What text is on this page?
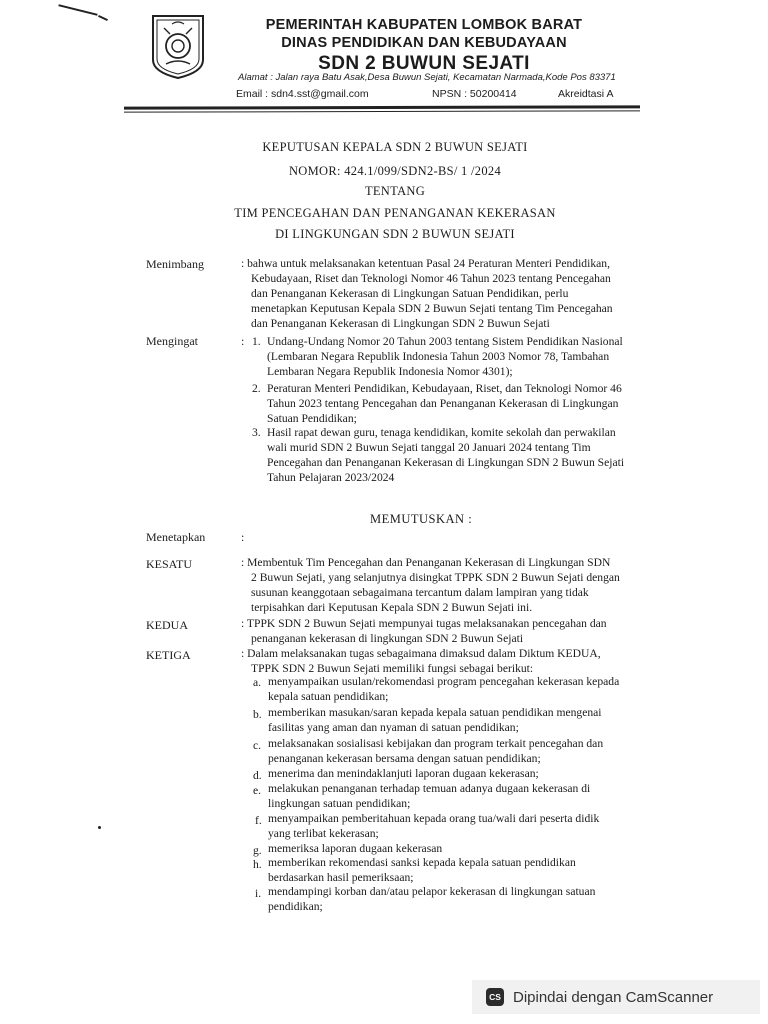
PEMERINTAH KABUPATEN LOMBOK BARAT
DINAS PENDIDIKAN DAN KEBUDAYAAN
SDN 2 BUWUN SEJATI
Alamat : Jalan raya Batu Asak,Desa Buwun Sejati, Kecamatan Narmada,Kode Pos 83371
Email : sdn4.sst@gmail.com	NPSN : 50200414	Akreidtasi A
KEPUTUSAN KEPALA SDN 2 BUWUN SEJATI
NOMOR: 424.1/099/SDN2-BS/ 1 /2024
TENTANG
TIM PENCEGAHAN DAN PENANGANAN KEKERASAN
DI LINGKUNGAN SDN 2 BUWUN SEJATI
Menimbang	: bahwa untuk melaksanakan ketentuan Pasal 24 Peraturan Menteri Pendidikan,
Kebudayaan, Riset dan Teknologi Nomor 46 Tahun 2023 tentang Pencegahan
dan Penanganan Kekerasan di Lingkungan Satuan Pendidikan, perlu
menetapkan Keputusan Kepala SDN 2 Buwun Sejati tentang Tim Pencegahan
dan Penanganan Kekerasan di Lingkungan SDN 2 Buwun Sejati
Mengingat	: 1. Undang-Undang Nomor 20 Tahun 2003 tentang Sistem Pendidikan Nasional
(Lembaran Negara Republik Indonesia Tahun 2003 Nomor 78, Tambahan
Lembaran Negara Republik Indonesia Nomor 4301);
2. Peraturan Menteri Pendidikan, Kebudayaan, Riset, dan Teknologi Nomor 46
Tahun 2023 tentang Pencegahan dan Penanganan Kekerasan di Lingkungan
Satuan Pendidikan;
3. Hasil rapat dewan guru, tenaga kendidikan, komite sekolah dan perwakilan
wali murid SDN 2 Buwun Sejati tanggal 20 Januari 2024 tentang Tim
Pencegahan dan Penanganan Kekerasan di Lingkungan SDN 2 Buwun Sejati
Tahun Pelajaran 2023/2024
MEMUTUSKAN :
Menetapkan	:
KESATU	: Membentuk Tim Pencegahan dan Penanganan Kekerasan di Lingkungan SDN
2 Buwun Sejati, yang selanjutnya disingkat TPPK SDN 2 Buwun Sejati dengan
susunan keanggotaan sebagaimana tercantum dalam lampiran yang tidak
terpisahkan dari Keputusan Kepala SDN 2 Buwun Sejati ini.
KEDUA	: TPPK SDN 2 Buwun Sejati mempunyai tugas melaksanakan pencegahan dan
penanganan kekerasan di lingkungan SDN 2 Buwun Sejati
KETIGA	: Dalam melaksanakan tugas sebagaimana dimaksud dalam Diktum KEDUA,
TPPK SDN 2 Buwun Sejati memiliki fungsi sebagai berikut:
a. menyampaikan usulan/rekomendasi program pencegahan kekerasan kepada
kepala satuan pendidikan;
b. memberikan masukan/saran kepada kepala satuan pendidikan mengenai
fasilitas yang aman dan nyaman di satuan pendidikan;
c. melaksanakan sosialisasi kebijakan dan program terkait pencegahan dan
penanganan kekerasan bersama dengan satuan pendidikan;
d. menerima dan menindaklanjuti laporan dugaan kekerasan;
e. melakukan penanganan terhadap temuan adanya dugaan kekerasan di
lingkungan satuan pendidikan;
f. menyampaikan pemberitahuan kepada orang tua/wali dari peserta didik
yang terlibat kekerasan;
g. memeriksa laporan dugaan kekerasan
h. memberikan rekomendasi sanksi kepada kepala satuan pendidikan
berdasarkan hasil pemeriksaan;
i. mendampingi korban dan/atau pelapor kekerasan di lingkungan satuan
pendidikan;
CS Dipindai dengan CamScanner
